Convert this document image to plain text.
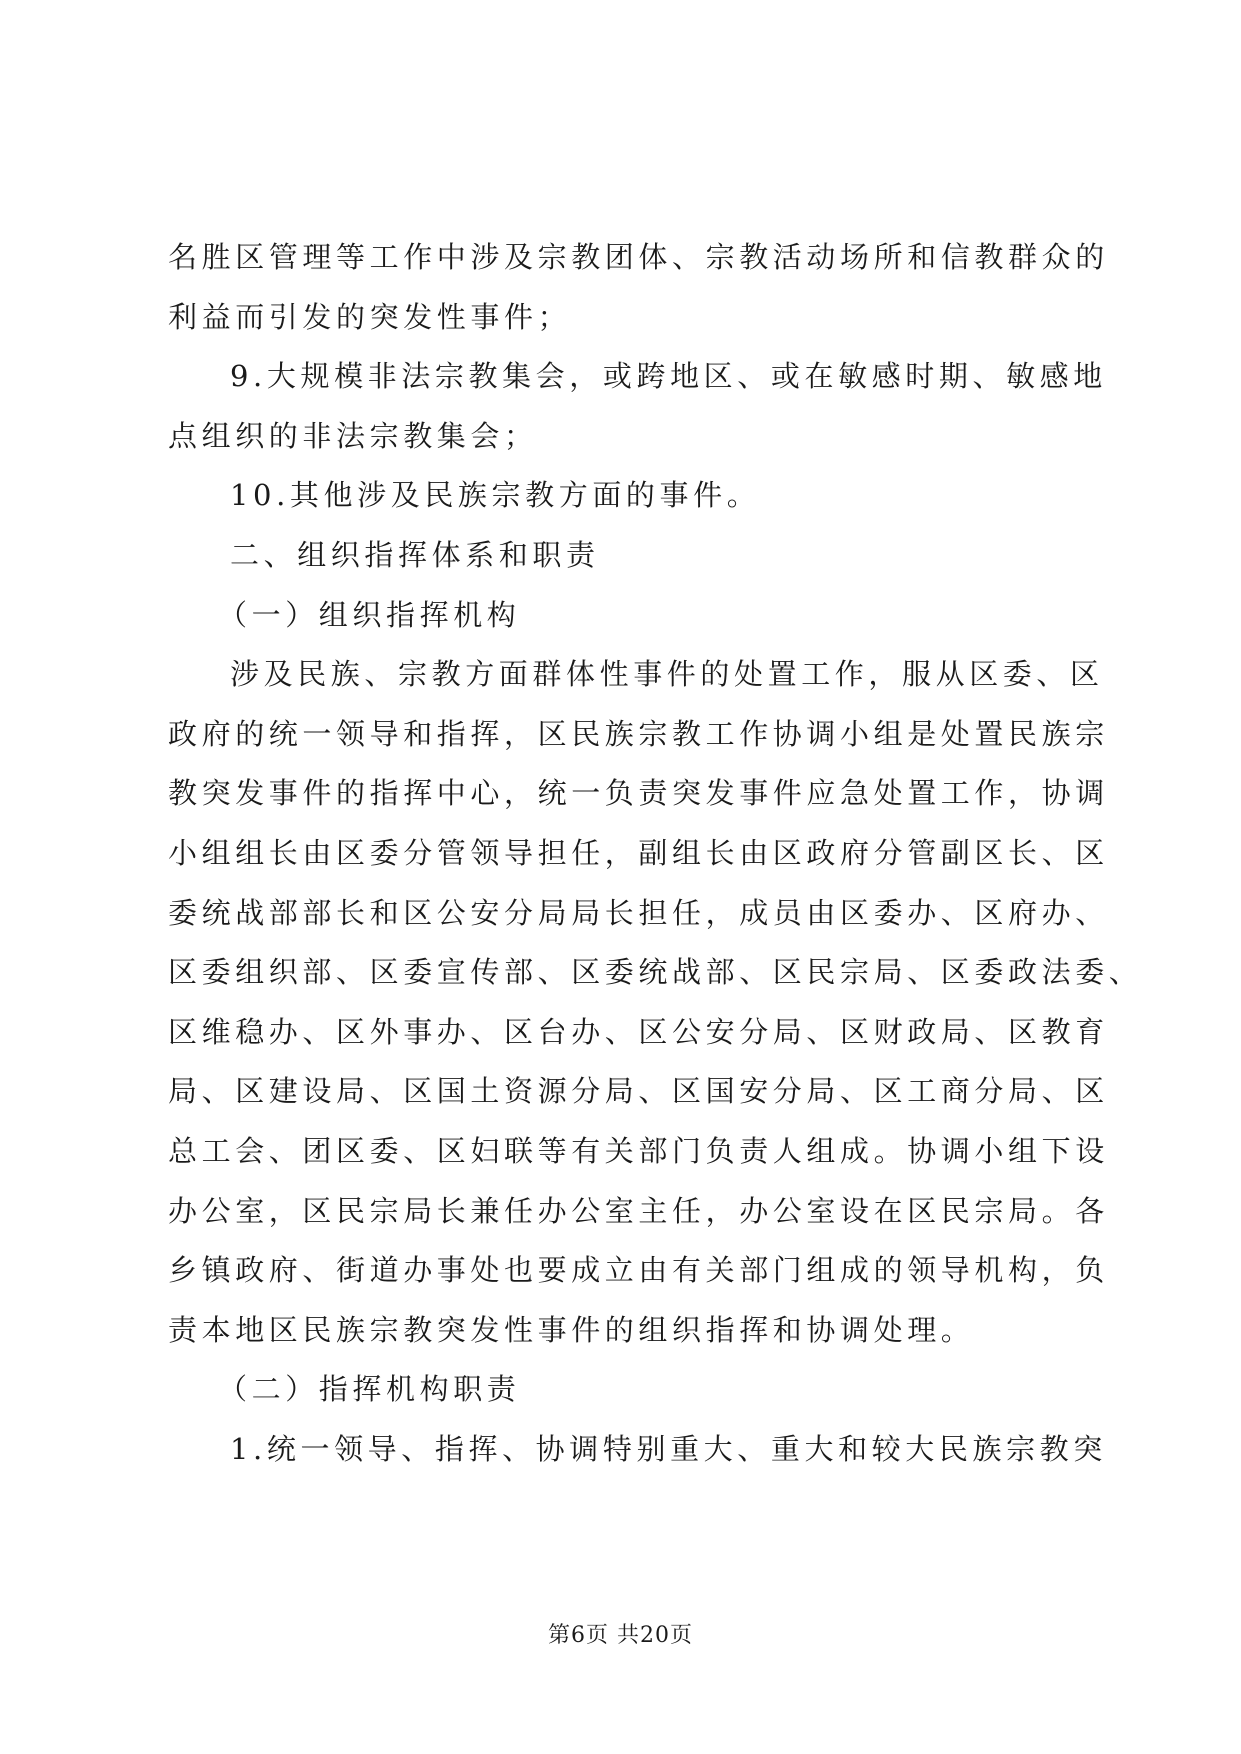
名胜区管理等工作中涉及宗教团体、宗教活动场所和信教群众的
利益而引发的突发性事件；
9.大规模非法宗教集会，或跨地区、或在敏感时期、敏感地
点组织的非法宗教集会；
10.其他涉及民族宗教方面的事件。
二、组织指挥体系和职责
（一）组织指挥机构
涉及民族、宗教方面群体性事件的处置工作，服从区委、区
政府的统一领导和指挥，区民族宗教工作协调小组是处置民族宗
教突发事件的指挥中心，统一负责突发事件应急处置工作，协调
小组组长由区委分管领导担任，副组长由区政府分管副区长、区
委统战部部长和区公安分局局长担任，成员由区委办、区府办、
区委组织部、区委宣传部、区委统战部、区民宗局、区委政法委、
区维稳办、区外事办、区台办、区公安分局、区财政局、区教育
局、区建设局、区国土资源分局、区国安分局、区工商分局、区
总工会、团区委、区妇联等有关部门负责人组成。协调小组下设
办公室，区民宗局长兼任办公室主任，办公室设在区民宗局。各
乡镇政府、街道办事处也要成立由有关部门组成的领导机构，负
责本地区民族宗教突发性事件的组织指挥和协调处理。
（二）指挥机构职责
1.统一领导、指挥、协调特别重大、重大和较大民族宗教突
第6页 共20页
